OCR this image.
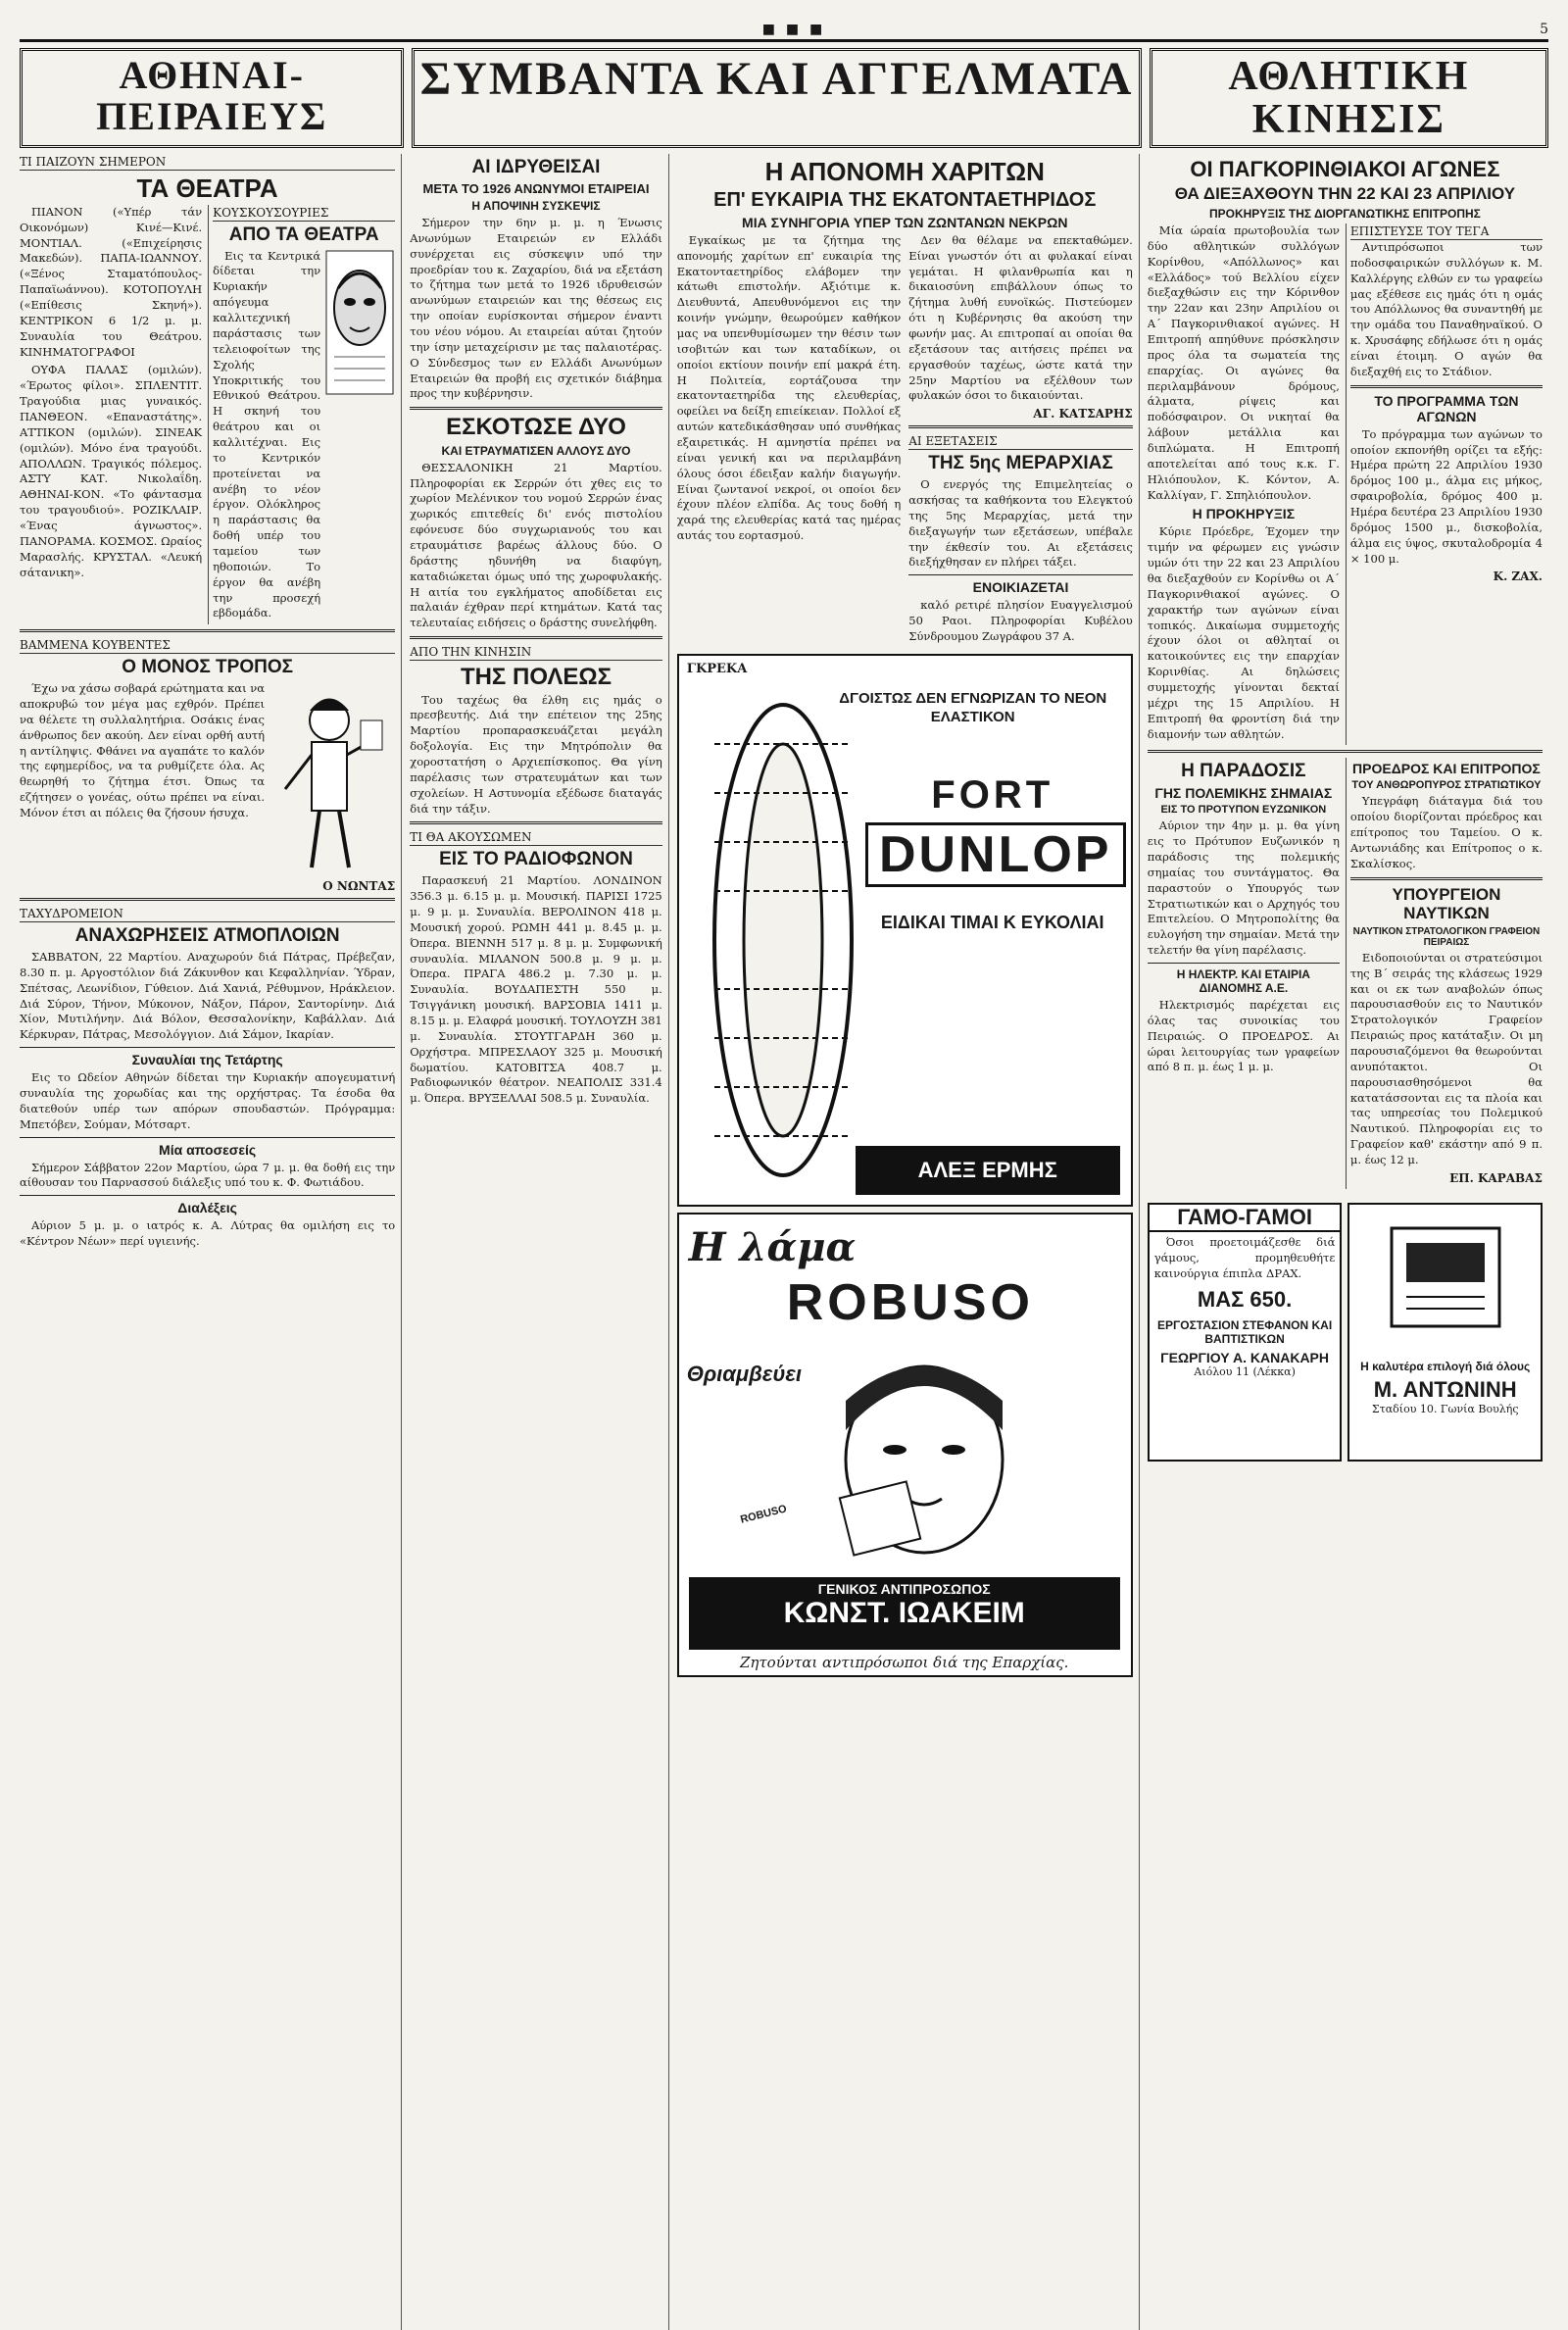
■ ■ ■	5
ΑΘΗΝΑΙ-ΠΕΙΡΑΙΕΥΣ
ΣΥΜΒΑΝΤΑ ΚΑΙ ΑΓΓΕΛΜΑΤΑ	ΑΘΛΗΤΙΚΗ ΚΙΝΗΣΙΣ
ΤΙ ΠΑΙΖΟΥΝ ΣΗΜΕΡΟΝ
ΤΑ ΘΕΑΤΡΑ

ΠΙΑΝΟΝ («Υπέρ τάν Οικονόμων) Κινέ—Κινέ. ΜΟΝΤΙΑΛ. («Επιχείρησις Μακεδών). ΠΑΠΑ-ΙΩΑΝΝΟΥ. («Ξένος Σταματόπουλος-Παπαϊωάννου). ΚΟΤΟΠΟΥΛΗ («Επίθεσις Σκηνή»). ΚΕΝΤΡΙΚΟΝ 6 1/2 μ. μ. Συναυλία του Θεάτρου. ΚΙΝΗΜΑΤΟΓΡΑΦΟΙ

ΟΥΦΑ ΠΑΛΑΣ (ομιλών). «Έρωτος φίλοι». ΣΠΛΕΝΤΙΤ. Τραγούδια μιας γυναικός. ΠΑΝΘΕΟΝ. «Επαναστάτης». ΑΤΤΙΚΟΝ (ομιλών). ΣΙΝΕΑΚ (ομιλών). Μόνο ένα τραγούδι. ΑΠΟΛΛΩΝ. Τραγικός πόλεμος. ΑΣΤΥ ΚΑΤ. Νικολαΐδη. ΑΘΗΝΑΙ-ΚΟΝ. «Το φάντασμα του τραγουδιού». ΡΟΖΙΚΛΑΙΡ. «Ένας άγνωστος». ΠΑΝΟΡΑΜΑ. ΚΟΣΜΟΣ. Ωραίος Μαρασλής. ΚΡΥΣΤΑΛ. «Λευκή σάτανικη».

ΚΟΥΣΚΟΥΣΟΥΡΙΕΣ
ΑΠΟ ΤΑ ΘΕΑΤΡΑ

Εις τα Κεντρικά δίδεται την Κυριακήν απόγευμα καλλιτεχνική παράστασις των τελειοφοίτων της Σχολής Υποκριτικής του Εθνικού Θεάτρου. Η σκηνή του θεάτρου και οι καλλιτέχναι. Εις το Κεντρικόν προτείνεται να ανέβη το νέον έργον. Ολόκληρος η παράστασις θα δοθή υπέρ του ταμείου των ηθοποιών. Το έργον θα ανέβη την προσεχή εβδομάδα.

ΒΑΜΜΕΝΑ ΚΟΥΒΕΝΤΕΣ
Ο ΜΟΝΟΣ ΤΡΟΠΟΣ

Έχω να χάσω σοβαρά ερώτηματα και να αποκρυβώ τον μέγα μας εχθρόν. Πρέπει να θέλετε τη συλλαλητήρια. Οσάκις ένας άνθρωπος δεν ακούη. Δεν είναι ορθή αυτή η αντίληψις. Φθάνει να αγαπάτε το καλόν της εφημερίδος, να τα ρυθμίζετε όλα. Ας θεωρηθή το ζήτημα έτσι. Όπως τα εζήτησεν ο γονέας, ούτω πρέπει να είναι. Μόνον έτσι αι πόλεις θα ζήσουν ήσυχα.

Ο ΝΩΝΤΑΣ
ΤΑΧΥΔΡΟΜΕΙΟΝ
ΑΝΑΧΩΡΗΣΕΙΣ ΑΤΜΟΠΛΟΙΩΝ

ΣΑΒΒΑΤΟΝ, 22 Μαρτίου. Αναχωρούν διά Πάτρας, Πρέβεζαν, 8.30 π. μ. Αργοστόλιον διά Ζάκυνθον και Κεφαλληνίαν. Ύδραν, Σπέτσας, Λεωνίδιον, Γύθειον. Διά Χανιά, Ρέθυμνον, Ηράκλειον. Διά Σύρον, Τήνον, Μύκονον, Νάξον, Πάρον, Σαντορίνην. Διά Χίον, Μυτιλήνην. Διά Βόλον, Θεσσαλονίκην, Καβάλλαν. Διά Κέρκυραν, Πάτρας, Μεσολόγγιον. Διά Σάμον, Ικαρίαν.

Συναυλίαι της Τετάρτης

Εις το Ωδείον Αθηνών δίδεται την Κυριακήν απογευματινή συναυλία της χορωδίας και της ορχήστρας. Τα έσοδα θα διατεθούν υπέρ των απόρων σπουδαστών. Πρόγραμμα: Μπετόβεν, Σούμαν, Μότσαρτ.

Μία αποσεσείς

Σήμερον Σάββατον 22ον Μαρτίου, ώρα 7 μ. μ. θα δοθή εις την αίθουσαν του Παρνασσού διάλεξις υπό του κ. Φ. Φωτιάδου.

Διαλέξεις

Αύριον 5 μ. μ. ο ιατρός κ. Α. Λύτρας θα ομιλήση εις το «Κέντρον Νέων» περί υγιεινής.

ΑΙ ΙΔΡΥΘΕΙΣΑΙ
ΜΕΤΑ ΤΟ 1926 ΑΝΩΝΥΜΟΙ ΕΤΑΙΡΕΙΑΙ
Η ΑΠΟΨΙΝΗ ΣΥΣΚΕΨΙΣ

Σήμερον την 6ην μ. μ. η Ένωσις Ανωνύμων Εταιρειών εν Ελλάδι συνέρχεται εις σύσκεψιν υπό την προεδρίαν του κ. Ζαχαρίου, διά να εξετάση το ζήτημα των μετά το 1926 ιδρυθεισών ανωνύμων εταιρειών και της θέσεως εις την οποίαν ευρίσκονται σήμερον έναντι του νέου νόμου. Αι εταιρείαι αύται ζητούν την ίσην μεταχείρισιν με τας παλαιοτέρας. Ο Σύνδεσμος των εν Ελλάδι Ανωνύμων Εταιρειών θα προβή εις σχετικόν διάβημα προς την κυβέρνησιν.

ΕΣΚΟΤΩΣΕ ΔΥΟ
ΚΑΙ ΕΤΡΑΥΜΑΤΙΣΕΝ ΑΛΛΟΥΣ ΔΥΟ

ΘΕΣΣΑΛΟΝΙΚΗ 21 Μαρτίου. Πληροφορίαι εκ Σερρών ότι χθες εις το χωρίον Μελένικον του νομού Σερρών ένας χωρικός επιτεθείς δι' ενός πιστολίου εφόνευσε δύο συγχωριανούς του και ετραυμάτισε βαρέως άλλους δύο. Ο δράστης ηδυνήθη να διαφύγη, καταδιώκεται όμως υπό της χωροφυλακής. Η αιτία του εγκλήματος αποδίδεται εις παλαιάν έχθραν περί κτημάτων. Κατά τας τελευταίας ειδήσεις ο δράστης συνελήφθη.

ΑΠΟ ΤΗΝ ΚΙΝΗΣΙΝ
ΤΗΣ ΠΟΛΕΩΣ

Του ταχέως θα έλθη εις ημάς ο πρεσβευτής. Διά την επέτειον της 25ης Μαρτίου προπαρασκευάζεται μεγάλη δοξολογία. Εις την Μητρόπολιν θα χοροστατήση ο Αρχιεπίσκοπος. Θα γίνη παρέλασις των στρατευμάτων και των σχολείων. Η Αστυνομία εξέδωσε διαταγάς διά την τάξιν.

ΤΙ ΘΑ ΑΚΟΥΣΩΜΕΝ
ΕΙΣ ΤΟ ΡΑΔΙΟΦΩΝΟΝ

Παρασκευή 21 Μαρτίου. ΛΟΝΔΙΝΟΝ 356.3 μ. 6.15 μ. μ. Μουσική. ΠΑΡΙΣΙ 1725 μ. 9 μ. μ. Συναυλία. ΒΕΡΟΛΙΝΟΝ 418 μ. Μουσική χορού. ΡΩΜΗ 441 μ. 8.45 μ. μ. Όπερα. ΒΙΕΝΝΗ 517 μ. 8 μ. μ. Συμφωνική συναυλία. ΜΙΛΑΝΟΝ 500.8 μ. 9 μ. μ. Όπερα. ΠΡΑΓΑ 486.2 μ. 7.30 μ. μ. Συναυλία. ΒΟΥΔΑΠΕΣΤΗ 550 μ. Τσιγγάνικη μουσική. ΒΑΡΣΟΒΙΑ 1411 μ. 8.15 μ. μ. Ελαφρά μουσική. ΤΟΥΛΟΥΖΗ 381 μ. Συναυλία. ΣΤΟΥΤΓΑΡΔΗ 360 μ. Ορχήστρα. ΜΠΡΕΣΛΑΟΥ 325 μ. Μουσική δωματίου. ΚΑΤΟΒΙΤΣΑ 408.7 μ. Ραδιοφωνικόν θέατρον. ΝΕΑΠΟΛΙΣ 331.4 μ. Όπερα. ΒΡΥΞΕΛΛΑΙ 508.5 μ. Συναυλία.

Η ΑΠΟΝΟΜΗ ΧΑΡΙΤΩΝ
ΕΠ' ΕΥΚΑΙΡΙΑ ΤΗΣ ΕΚΑΤΟΝΤΑΕΤΗΡΙΔΟΣ
ΜΙΑ ΣΥΝΗΓΟΡΙΑ ΥΠΕΡ ΤΩΝ ΖΩΝΤΑΝΩΝ ΝΕΚΡΩΝ

Εγκαίκως με τα ζήτημα της απονομής χαρίτων επ' ευκαιρία της Εκατονταετηρίδος ελάβομεν την κάτωθι επιστολήν. Αξιότιμε κ. Διευθυντά, Απευθυνόμενοι εις την κοινήν γνώμην, θεωρούμεν καθήκον μας να υπενθυμίσωμεν την θέσιν των ισοβιτών και των καταδίκων, οι οποίοι εκτίουν ποινήν επί μακρά έτη. Η Πολιτεία, εορτάζουσα την εκατονταετηρίδα της ελευθερίας, οφείλει να δείξη επιείκειαν. Πολλοί εξ αυτών κατεδικάσθησαν υπό συνθήκας εξαιρετικάς. Η αμνηστία πρέπει να είναι γενική και να περιλαμβάνη όλους όσοι έδειξαν καλήν διαγωγήν. Είναι ζωντανοί νεκροί, οι οποίοι δεν έχουν πλέον ελπίδα. Ας τους δοθή η χαρά της ελευθερίας κατά τας ημέρας αυτάς του εορτασμού.

Δεν θα θέλαμε να επεκταθώμεν. Είναι γνωστόν ότι αι φυλακαί είναι γεμάται. Η φιλανθρωπία και η δικαιοσύνη επιβάλλουν όπως το ζήτημα λυθή ευνοϊκώς. Πιστεύομεν ότι η Κυβέρνησις θα ακούση την φωνήν μας. Αι επιτροπαί αι οποίαι θα εξετάσουν τας αιτήσεις πρέπει να εργασθούν ταχέως, ώστε κατά την 25ην Μαρτίου να εξέλθουν των φυλακών όσοι το δικαιούνται.

ΑΓ. ΚΑΤΣΑΡΗΣ
ΑΙ ΕΞΕΤΑΣΕΙΣ
ΤΗΣ 5ης ΜΕΡΑΡΧΙΑΣ

Ο ενεργός της Επιμελητείας ο ασκήσας τα καθήκοντα του Ελεγκτού της 5ης Μεραρχίας, μετά την διεξαγωγήν των εξετάσεων, υπέβαλε την έκθεσίν του. Αι εξετάσεις διεξήχθησαν εν πλήρει τάξει.

ΕΝΟΙΚΙΑΖΕΤΑΙ

καλό ρετιρέ πλησίον Ευαγγελισμού 50 Ραοι. Πληροφορίαι Κυβέλου Σύνδρουμου Ζωγράφου 37 Α.

ΓΚΡΕΚΑ
ΔΓΟΙΣΤΩΣ ΔΕΝ ΕΓΝΩΡΙΖΑΝ ΤΟ ΝΕΟΝ ΕΛΑΣΤΙΚΟΝ
FORT
DUNLOP
ΕΙΔΙΚΑΙ ΤΙΜΑΙ Κ ΕΥΚΟΛΙΑΙ
ΑΛΕΞ ΕΡΜΗΣ
Η λάμα
ROBUSO
Θριαμβεύει
ROBUSO
ΓΕΝΙΚΟΣ ΑΝΤΙΠΡΟΣΩΠΟΣ
ΚΩΝΣΤ. ΙΩΑΚΕΙΜ
Ζητούνται αντιπρόσωποι διά της Επαρχίας.
ΟΙ ΠΑΓΚΟΡΙΝΘΙΑΚΟΙ ΑΓΩΝΕΣ
ΘΑ ΔΙΕΞΑΧΘΟΥΝ ΤΗΝ 22 ΚΑΙ 23 ΑΠΡΙΛΙΟΥ
ΠΡΟΚΗΡΥΞΙΣ ΤΗΣ ΔΙΟΡΓΑΝΩΤΙΚΗΣ ΕΠΙΤΡΟΠΗΣ

Μία ώραία πρωτοβουλία των δύο αθλητικών συλλόγων Κορίνθου, «Απόλλωνος» και «Ελλάδος» τού Βελλίου είχεν διεξαχθώσιν εις την Κόρινθον την 22αν και 23ην Απριλίου οι Α΄ Παγκορινθιακοί αγώνες. Η Επιτροπή απηύθυνε πρόσκλησιν προς όλα τα σωματεία της επαρχίας. Οι αγώνες θα περιλαμβάνουν δρόμους, άλματα, ρίψεις και ποδόσφαιρον. Οι νικηταί θα λάβουν μετάλλια και διπλώματα. Η Επιτροπή αποτελείται από τους κ.κ. Γ. Ηλιόπουλον, Κ. Κόντον, Α. Καλλίγαν, Γ. Σπηλιόπουλον.

Η ΠΡΟΚΗΡΥΞΙΣ

Κύριε Πρόεδρε, Έχομεν την τιμήν να φέρωμεν εις γνώσιν υμών ότι την 22 και 23 Απριλίου θα διεξαχθούν εν Κορίνθω οι Α΄ Παγκορινθιακοί αγώνες. Ο χαρακτήρ των αγώνων είναι τοπικός. Δικαίωμα συμμετοχής έχουν όλοι οι αθληταί οι κατοικούντες εις την επαρχίαν Κορινθίας. Αι δηλώσεις συμμετοχής γίνονται δεκταί μέχρι της 15 Απριλίου. Η Επιτροπή θα φροντίση διά την διαμονήν των αθλητών.

ΕΠΙΣΤΕΥΣΕ ΤΟΥ ΤΕΓΑ

Αντιπρόσωποι των ποδοσφαιρικών συλλόγων κ. Μ. Καλλέργης ελθών εν τω γραφείω μας εξέθεσε εις ημάς ότι η ομάς του Απόλλωνος θα συναντηθή με την ομάδα του Παναθηναϊκού. Ο κ. Χρυσάφης εδήλωσε ότι η ομάς είναι έτοιμη. Ο αγών θα διεξαχθή εις το Στάδιον.

ΤΟ ΠΡΟΓΡΑΜΜΑ ΤΩΝ ΑΓΩΝΩΝ

Το πρόγραμμα των αγώνων το οποίον εκπονήθη ορίζει τα εξής: Ημέρα πρώτη 22 Απριλίου 1930 δρόμος 100 μ., άλμα εις μήκος, σφαιροβολία, δρόμος 400 μ. Ημέρα δευτέρα 23 Απριλίου 1930 δρόμος 1500 μ., δισκοβολία, άλμα εις ύψος, σκυταλοδρομία 4 × 100 μ.

Κ. ΖΑΧ.
Η ΠΑΡΑΔΟΣΙΣ
ΓΗΣ ΠΟΛΕΜΙΚΗΣ ΣΗΜΑΙΑΣ
ΕΙΣ ΤΟ ΠΡΟΤΥΠΟΝ ΕΥΖΩΝΙΚΟΝ

Αύριον την 4ην μ. μ. θα γίνη εις το Πρότυπον Ευζωνικόν η παράδοσις της πολεμικής σημαίας του συντάγματος. Θα παραστούν ο Υπουργός των Στρατιωτικών και ο Αρχηγός του Επιτελείου. Ο Μητροπολίτης θα ευλογήση την σημαίαν. Μετά την τελετήν θα γίνη παρέλασις.

Η ΗΛΕΚΤΡ. ΚΑΙ ΕΤΑΙΡΙΑ ΔΙΑΝΟΜΗΣ Α.Ε.

Ηλεκτρισμός παρέχεται εις όλας τας συνοικίας του Πειραιώς. Ο ΠΡΟΕΔΡΟΣ. Αι ώραι λειτουργίας των γραφείων από 8 π. μ. έως 1 μ. μ.

ΠΡΟΕΔΡΟΣ ΚΑΙ ΕΠΙΤΡΟΠΟΣ
ΤΟΥ ΑΝΘΩΡΟΠΥΡΟΣ ΣΤΡΑΤΙΩΤΙΚΟΥ

Υπεγράφη διάταγμα διά του οποίου διορίζονται πρόεδρος και επίτροπος του Ταμείου. Ο κ. Αντωνιάδης και Επίτροπος ο κ. Σκαλίσκος.

ΥΠΟΥΡΓΕΙΟΝ ΝΑΥΤΙΚΩΝ
ΝΑΥΤΙΚΟΝ ΣΤΡΑΤΟΛΟΓΙΚΟΝ ΓΡΑΦΕΙΟΝ ΠΕΙΡΑΙΩΣ

Ειδοποιούνται οι στρατεύσιμοι της Β΄ σειράς της κλάσεως 1929 και οι εκ των αναβολών όπως παρουσιασθούν εις το Ναυτικόν Στρατολογικόν Γραφείον Πειραιώς προς κατάταξιν. Οι μη παρουσιαζόμενοι θα θεωρούνται ανυπότακτοι. Οι παρουσιασθησόμενοι θα κατατάσσονται εις τα πλοία και τας υπηρεσίας του Πολεμικού Ναυτικού. Πληροφορίαι εις το Γραφείον καθ' εκάστην από 9 π. μ. έως 12 μ.

ΕΠ. ΚΑΡΑΒΑΣ
ΓΑΜΟ-ΓΑΜΟΙ

Όσοι προετοιμάζεσθε διά γάμους, προμηθευθήτε καινούργια έπιπλα ΔΡΑΧ.

ΜΑΣ 650.
ΕΡΓΟΣΤΑΣΙΟΝ ΣΤΕΦΑΝΟΝ ΚΑΙ ΒΑΠΤΙΣΤΙΚΩΝ
ΓΕΩΡΓΙΟΥ Α. ΚΑΝΑΚΑΡΗ
Αιόλου 11 (Λέκκα)	Η καλυτέρα επιλογή διά όλους
Μ. ΑΝΤΩΝΙΝΗ
Σταδίου 10. Γωνία Βουλής
